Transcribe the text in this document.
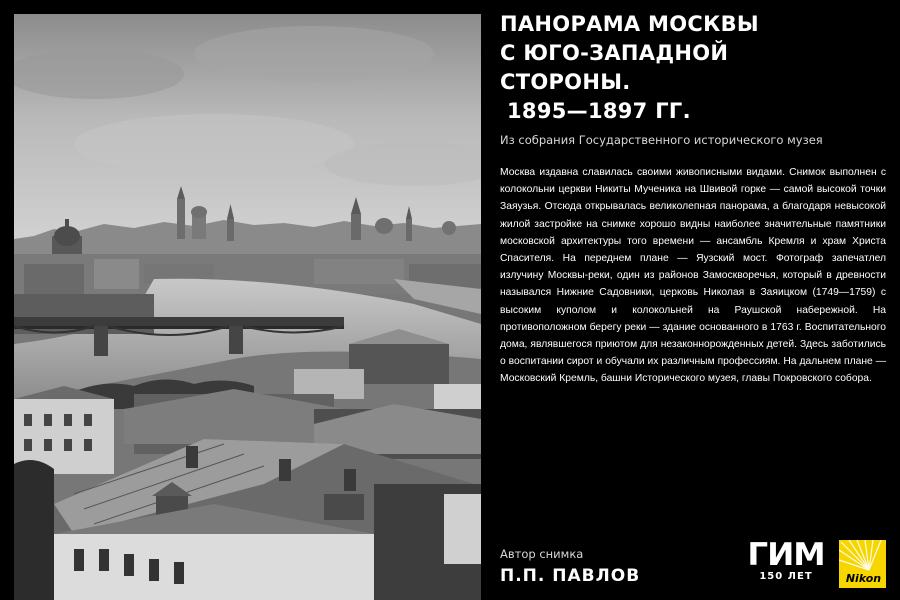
ПАНОРАМА МОСКВЫ
С ЮГО-ЗАПАДНОЙ
СТОРОНЫ.
1895—1897 ГГ.
Из собрания Государственного исторического музея

Москва издавна славилась своими живописными видами. Снимок выполнен с колокольни церкви Никиты Мученика на Швивой горке — самой высокой точки Заяузья. Отсюда открывалась великолепная панорама, а благодаря невысокой жилой застройке на снимке хорошо видны наиболее значительные памятники московской архитектуры того времени — ансамбль Кремля и храм Христа Спасителя. На переднем плане — Яузский мост. Фотограф запечатлел излучину Москвы-реки, один из районов Замоскворечья, который в древности назывался Нижние Садовники, церковь Николая в Заяицком (1749—1759) с высоким куполом и колокольней на Раушской набережной. На противоположном берегу реки — здание основанного в 1763 г. Воспитательного дома, являвшегося приютом для незаконнорожденных детей. Здесь заботились о воспитании сирот и обучали их различным профессиям. На дальнем плане — Московский Кремль, башни Исторического музея, главы Покровского собора.

Автор снимка
П.П. ПАВЛОВ
ГИМ
150 ЛЕТ	Nikon
